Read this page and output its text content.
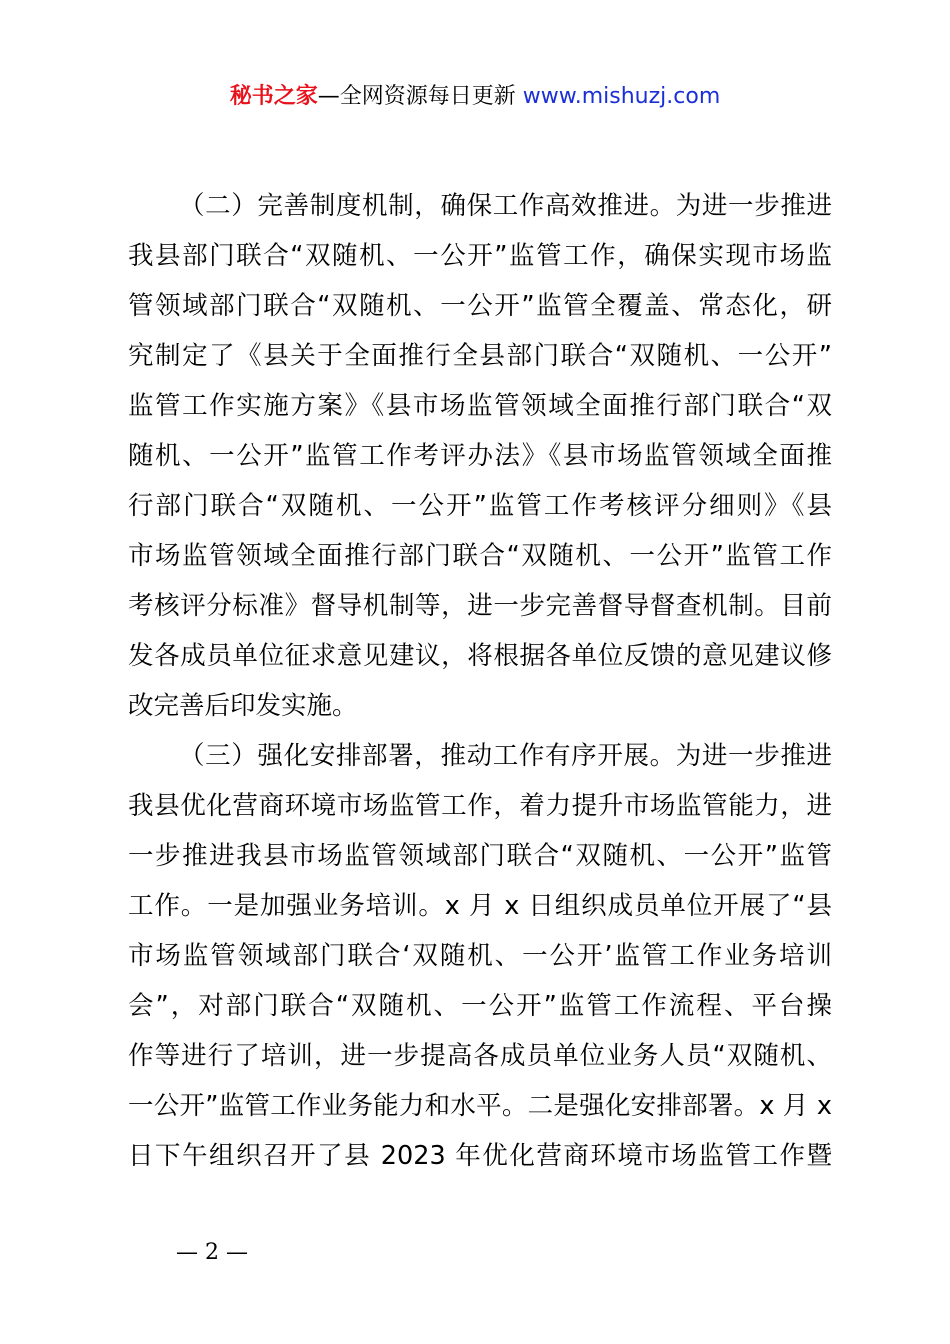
秘书之家—全网资源每日更新 www.mishuzj.com
（二）完善制度机制，确保工作高效推进。为进一步推进
我县部门联合“双随机、一公开”监管工作，确保实现市场监
管领域部门联合“双随机、一公开”监管全覆盖、常态化，研
究制定了《县关于全面推行全县部门联合“双随机、一公开”
监管工作实施方案》《县市场监管领域全面推行部门联合“双
随机、一公开”监管工作考评办法》《县市场监管领域全面推
行部门联合“双随机、一公开”监管工作考核评分细则》《县
市场监管领域全面推行部门联合“双随机、一公开”监管工作
考核评分标准》督导机制等，进一步完善督导督查机制。目前
发各成员单位征求意见建议，将根据各单位反馈的意见建议修
改完善后印发实施。
（三）强化安排部署，推动工作有序开展。为进一步推进
我县优化营商环境市场监管工作，着力提升市场监管能力，进
一步推进我县市场监管领域部门联合“双随机、一公开”监管
工作。一是加强业务培训。x 月 x 日组织成员单位开展了“县
市场监管领域部门联合‘双随机、一公开’监管工作业务培训
会”，对部门联合“双随机、一公开”监管工作流程、平台操
作等进行了培训，进一步提高各成员单位业务人员“双随机、
一公开”监管工作业务能力和水平。二是强化安排部署。x 月 x
日下午组织召开了县 2023 年优化营商环境市场监管工作暨
— 2 —
